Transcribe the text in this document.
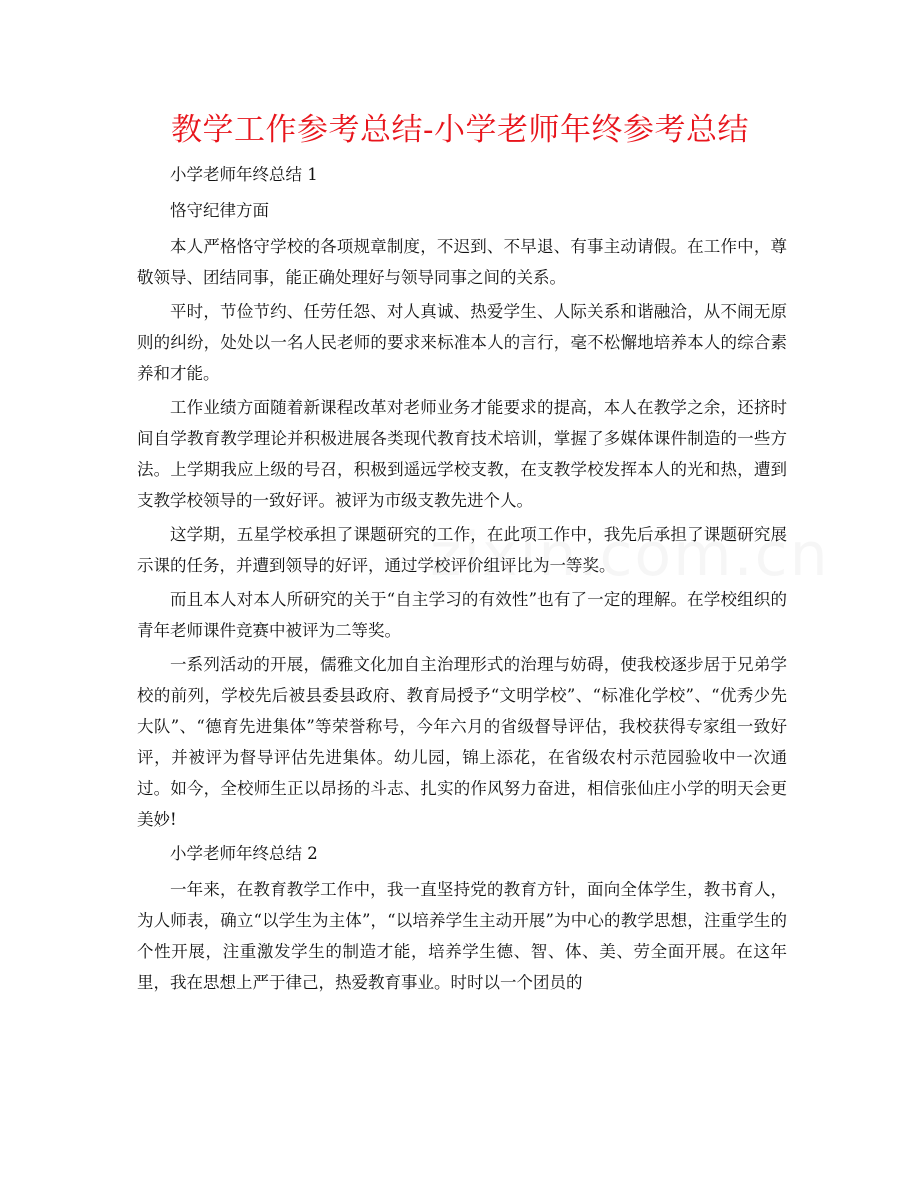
教学工作参考总结-小学老师年终参考总结

小学老师年终总结 1

恪守纪律方面

本人严格恪守学校的各项规章制度，不迟到、不早退、有事主动请假。在工作中，尊敬领导、团结同事，能正确处理好与领导同事之间的关系。

平时，节俭节约、任劳任怨、对人真诚、热爱学生、人际关系和谐融洽，从不闹无原则的纠纷，处处以一名人民老师的要求来标准本人的言行，毫不松懈地培养本人的综合素养和才能。

工作业绩方面随着新课程改革对老师业务才能要求的提高，本人在教学之余，还挤时间自学教育教学理论并积极进展各类现代教育技术培训，掌握了多媒体课件制造的一些方法。上学期我应上级的号召，积极到遥远学校支教，在支教学校发挥本人的光和热，遭到支教学校领导的一致好评。被评为市级支教先进个人。

这学期，五星学校承担了课题研究的工作，在此项工作中，我先后承担了课题研究展示课的任务，并遭到领导的好评，通过学校评价组评比为一等奖。

而且本人对本人所研究的关于“自主学习的有效性”也有了一定的理解。在学校组织的青年老师课件竞赛中被评为二等奖。

一系列活动的开展，儒雅文化加自主治理形式的治理与妨碍，使我校逐步居于兄弟学校的前列，学校先后被县委县政府、教育局授予“文明学校”、“标准化学校”、“优秀少先大队”、“德育先进集体”等荣誉称号，今年六月的省级督导评估，我校获得专家组一致好评，并被评为督导评估先进集体。幼儿园，锦上添花，在省级农村示范园验收中一次通过。如今，全校师生正以昂扬的斗志、扎实的作风努力奋进，相信张仙庄小学的明天会更美妙!

小学老师年终总结 2

一年来，在教育教学工作中，我一直坚持党的教育方针，面向全体学生，教书育人，为人师表，确立“以学生为主体”，“以培养学生主动开展”为中心的教学思想，注重学生的个性开展，注重激发学生的制造才能，培养学生德、智、体、美、劳全面开展。在这年里，我在思想上严于律己，热爱教育事业。时时以一个团员的
